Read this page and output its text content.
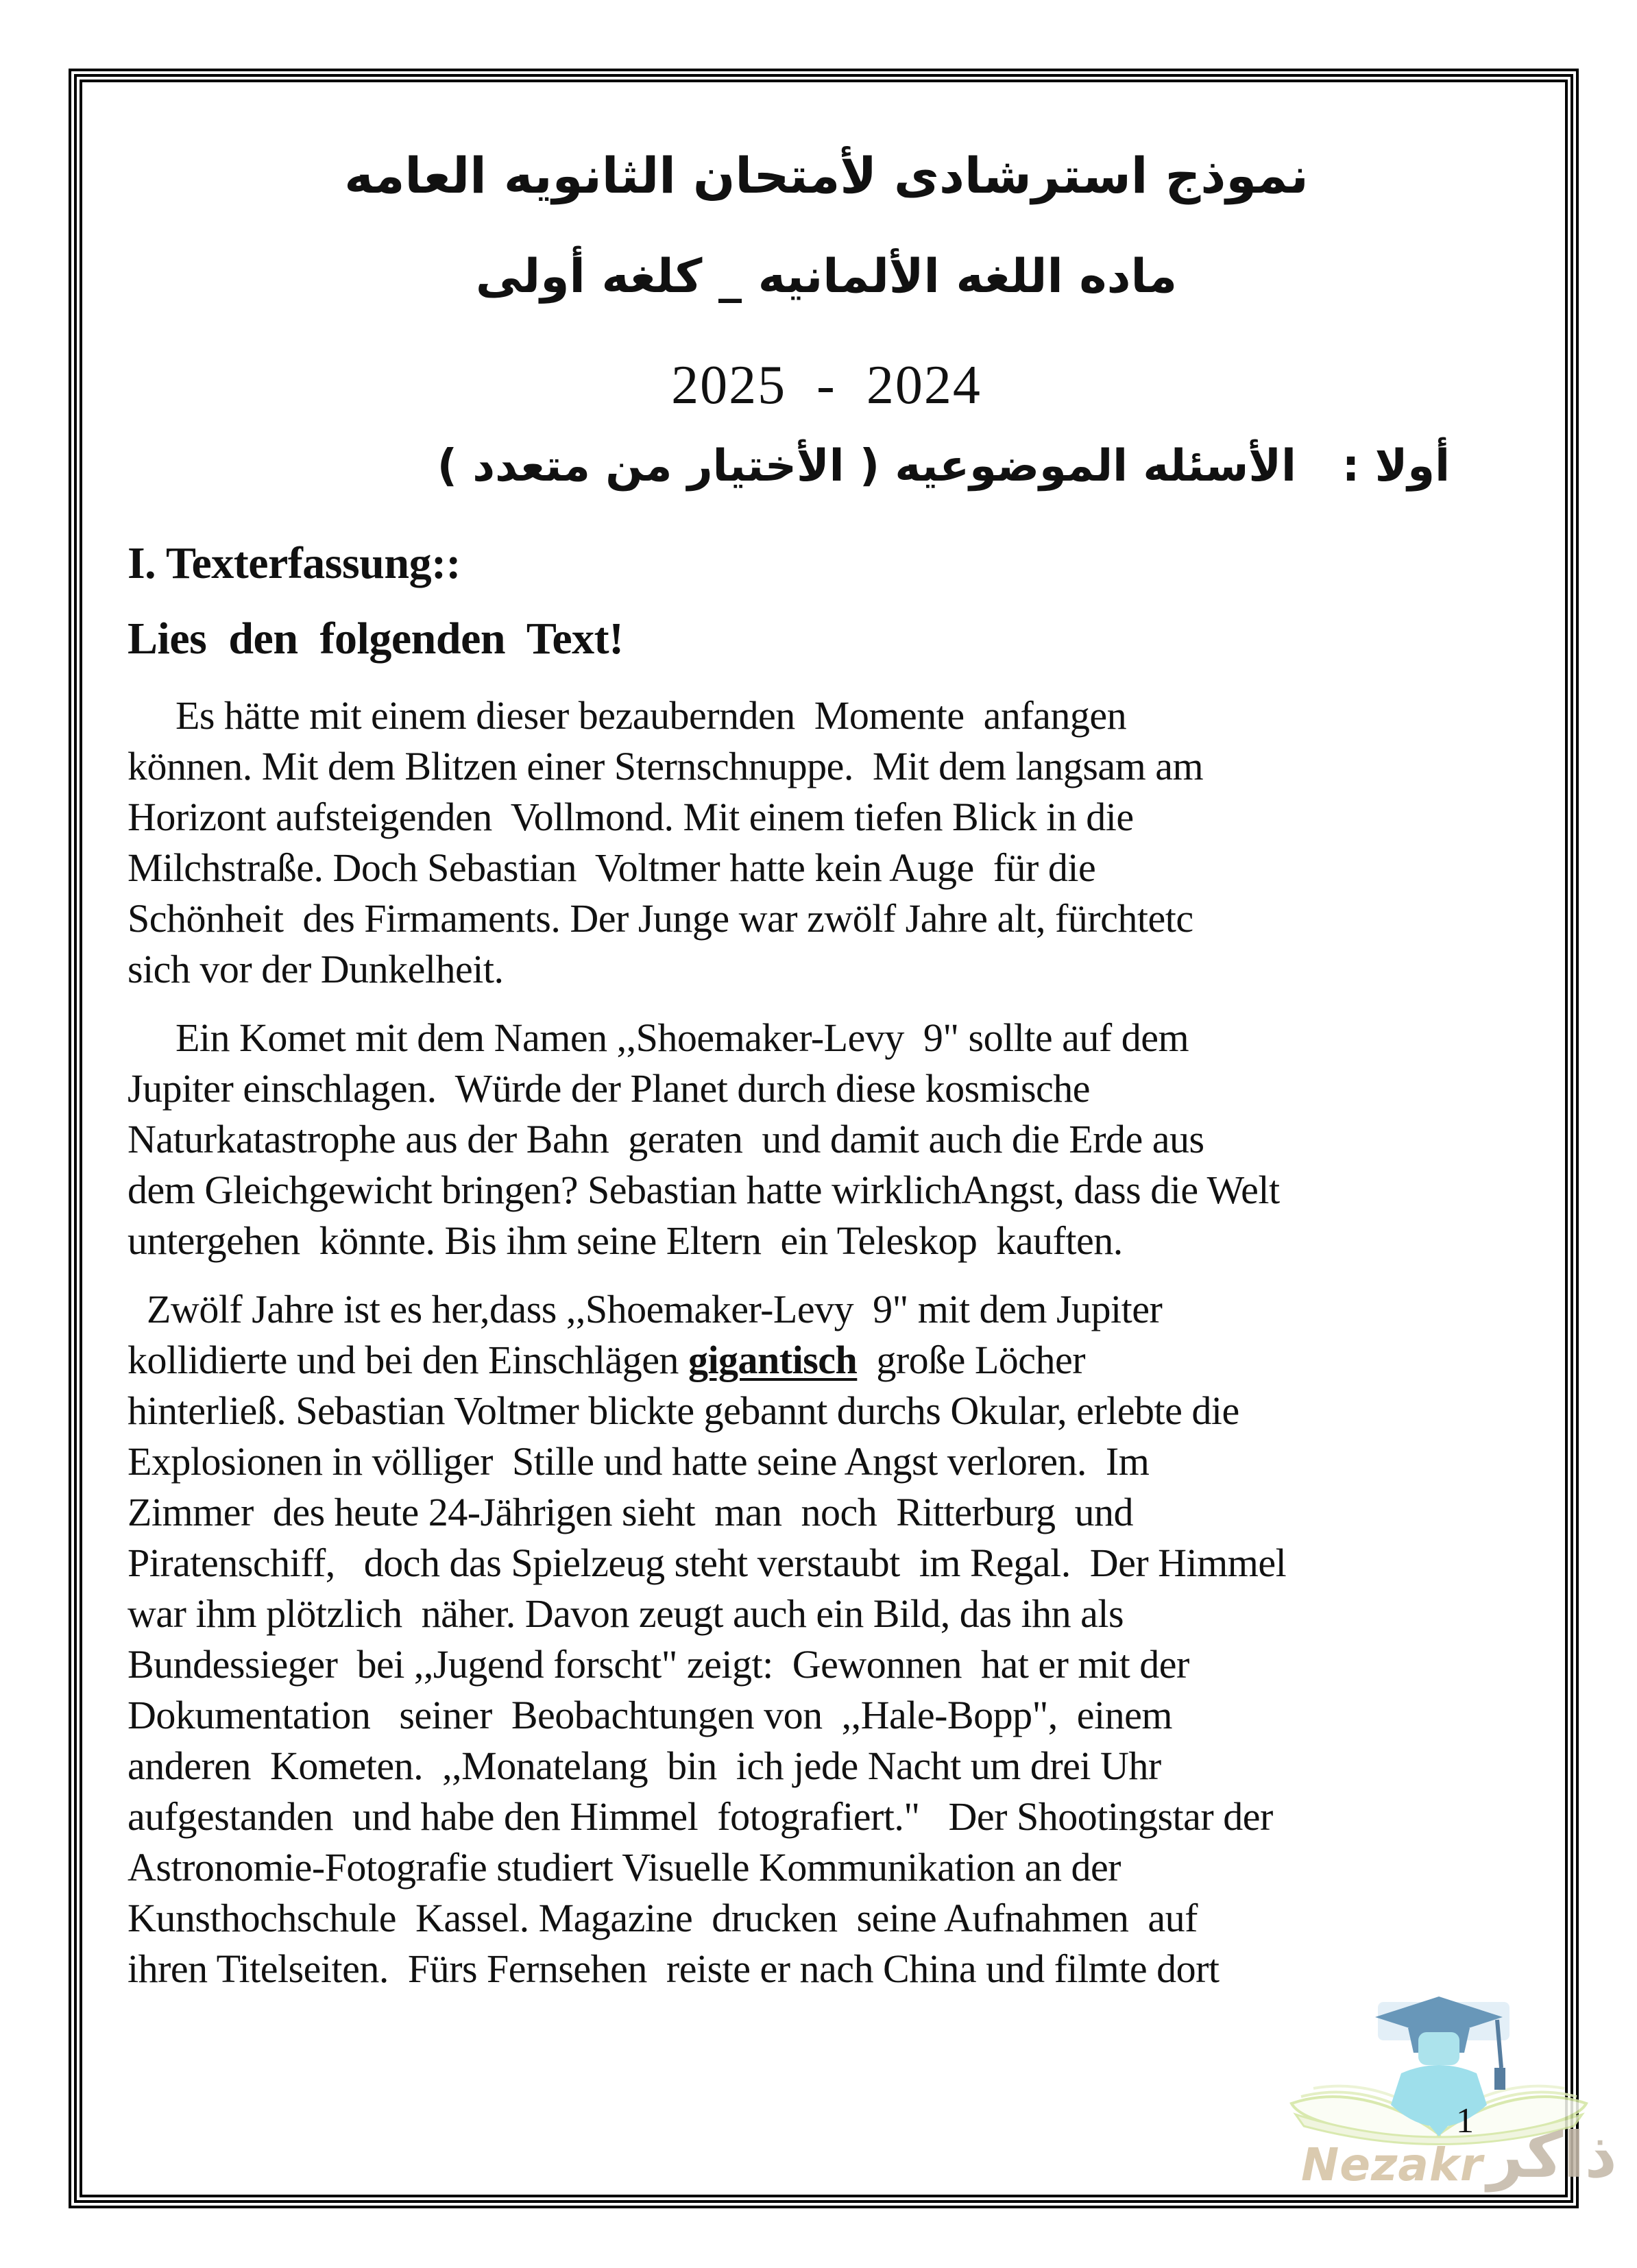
نموذج استرشادى لأمتحان الثانويه العامه
ماده اللغه الألمانيه _ كلغه أولى
2025  -  2024
أولا :   الأسئله الموضوعيه ( الأختيار من متعدد )
I. Texterfassung::
Lies  den  folgenden  Text!
Es hätte mit einem dieser bezaubernden  Momente  anfangen
können. Mit dem Blitzen einer Sternschnuppe.  Mit dem langsam am
Horizont aufsteigenden  Vollmond. Mit einem tiefen Blick in die
Milchstraße. Doch Sebastian  Voltmer hatte kein Auge  für die
Schönheit  des Firmaments. Der Junge war zwölf Jahre alt, fürchtetc
sich vor der Dunkelheit.
Ein Komet mit dem Namen ,,Shoemaker-Levy  9" sollte auf dem
Jupiter einschlagen.  Würde der Planet durch diese kosmische
Naturkatastrophe aus der Bahn  geraten  und damit auch die Erde aus
dem Gleichgewicht bringen? Sebastian hatte wirklichAngst, dass die Welt
untergehen  könnte. Bis ihm seine Eltern  ein Teleskop  kauften.
Zwölf Jahre ist es her,dass ,,Shoemaker-Levy  9" mit dem Jupiter
kollidierte und bei den Einschlägen gigantisch  große Löcher
hinterließ. Sebastian Voltmer blickte gebannt durchs Okular, erlebte die
Explosionen in völliger  Stille und hatte seine Angst verloren.  Im
Zimmer  des heute 24-Jährigen sieht  man  noch  Ritterburg  und
Piratenschiff,   doch das Spielzeug steht verstaubt  im Regal.  Der Himmel
war ihm plötzlich  näher. Davon zeugt auch ein Bild, das ihn als
Bundessieger  bei ,,Jugend forscht" zeigt:  Gewonnen  hat er mit der
Dokumentation   seiner  Beobachtungen von  ,,Hale-Bopp",  einem
anderen  Kometen.  ,,Monatelang  bin  ich jede Nacht um drei Uhr
aufgestanden  und habe den Himmel  fotografiert."   Der Shootingstar der
Astronomie-Fotografie studiert Visuelle Kommunikation an der
Kunsthochschule  Kassel. Magazine  drucken  seine Aufnahmen  auf
ihren Titelseiten.  Fürs Fernsehen  reiste er nach China und filmte dort
Nezakr ذاكر
1
